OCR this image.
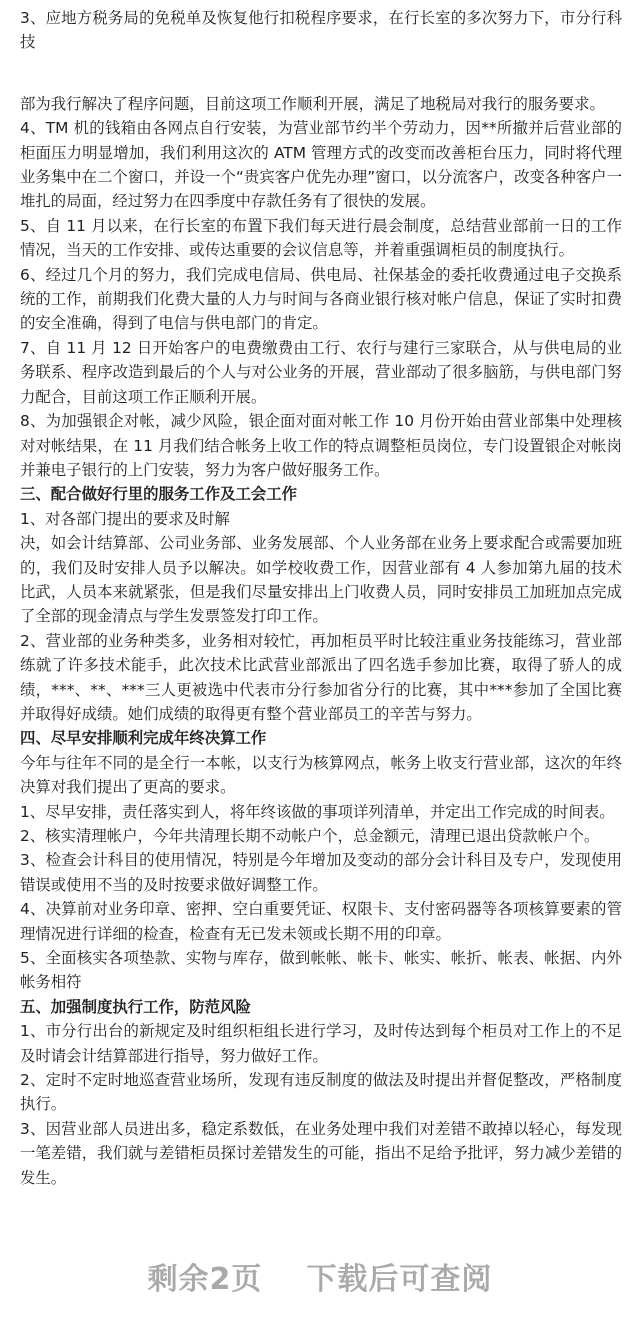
3、应地方税务局的免税单及恢复他行扣税程序要求，在行长室的多次努力下，市分行科技

部为我行解决了程序问题，目前这项工作顺利开展，满足了地税局对我行的服务要求。

4、TM 机的钱箱由各网点自行安装，为营业部节约半个劳动力，因**所撤并后营业部的柜面压力明显增加，我们利用这次的 ATM 管理方式的改变而改善柜台压力，同时将代理业务集中在二个窗口，并设一个“贵宾客户优先办理”窗口，以分流客户，改变各种客户一堆扎的局面，经过努力在四季度中存款任务有了很快的发展。

5、自 11 月以来，在行长室的布置下我们每天进行晨会制度，总结营业部前一日的工作情况，当天的工作安排、或传达重要的会议信息等，并着重强调柜员的制度执行。

6、经过几个月的努力，我们完成电信局、供电局、社保基金的委托收费通过电子交换系统的工作，前期我们化费大量的人力与时间与各商业银行核对帐户信息，保证了实时扣费的安全准确，得到了电信与供电部门的肯定。

7、自 11 月 12 日开始客户的电费缴费由工行、农行与建行三家联合，从与供电局的业务联系、程序改造到最后的个人与对公业务的开展，营业部动了很多脑筋，与供电部门努力配合，目前这项工作正顺利开展。

8、为加强银企对帐，减少风险，银企面对面对帐工作 10 月份开始由营业部集中处理核对对帐结果，在 11 月我们结合帐务上收工作的特点调整柜员岗位，专门设置银企对帐岗并兼电子银行的上门安装，努力为客户做好服务工作。

三、配合做好行里的服务工作及工会工作

1、对各部门提出的要求及时解

决，如会计结算部、公司业务部、业务发展部、个人业务部在业务上要求配合或需要加班的，我们及时安排人员予以解决。如学校收费工作，因营业部有 4 人参加第九届的技术比武，人员本来就紧张，但是我们尽量安排出上门收费人员，同时安排员工加班加点完成了全部的现金清点与学生发票签发打印工作。

2、营业部的业务种类多，业务相对较忙，再加柜员平时比较注重业务技能练习，营业部练就了许多技术能手，此次技术比武营业部派出了四名选手参加比赛，取得了骄人的成绩，***、**、***三人更被选中代表市分行参加省分行的比赛，其中***参加了全国比赛并取得好成绩。她们成绩的取得更有整个营业部员工的辛苦与努力。

四、尽早安排顺利完成年终决算工作

今年与往年不同的是全行一本帐，以支行为核算网点，帐务上收支行营业部，这次的年终决算对我们提出了更高的要求。

1、尽早安排，责任落实到人，将年终该做的事项详列清单，并定出工作完成的时间表。

2、核实清理帐户，今年共清理长期不动帐户个，总金额元，清理已退出贷款帐户个。

3、检查会计科目的使用情况，特别是今年增加及变动的部分会计科目及专户，发现使用错误或使用不当的及时按要求做好调整工作。

4、决算前对业务印章、密押、空白重要凭证、权限卡、支付密码器等各项核算要素的管理情况进行详细的检查，检查有无已发未领或长期不用的印章。

5、全面核实各项垫款、实物与库存，做到帐帐、帐卡、帐实、帐折、帐表、帐据、内外帐务相符

五、加强制度执行工作，防范风险

1、市分行出台的新规定及时组织柜组长进行学习，及时传达到每个柜员对工作上的不足及时请会计结算部进行指导，努力做好工作。

2、定时不定时地巡查营业场所，发现有违反制度的做法及时提出并督促整改，严格制度执行。

3、因营业部人员进出多，稳定系数低，在业务处理中我们对差错不敢掉以轻心，每发现一笔差错，我们就与差错柜员探讨差错发生的可能，指出不足给予批评，努力减少差错的发生。

剩余2页 下载后可查阅
